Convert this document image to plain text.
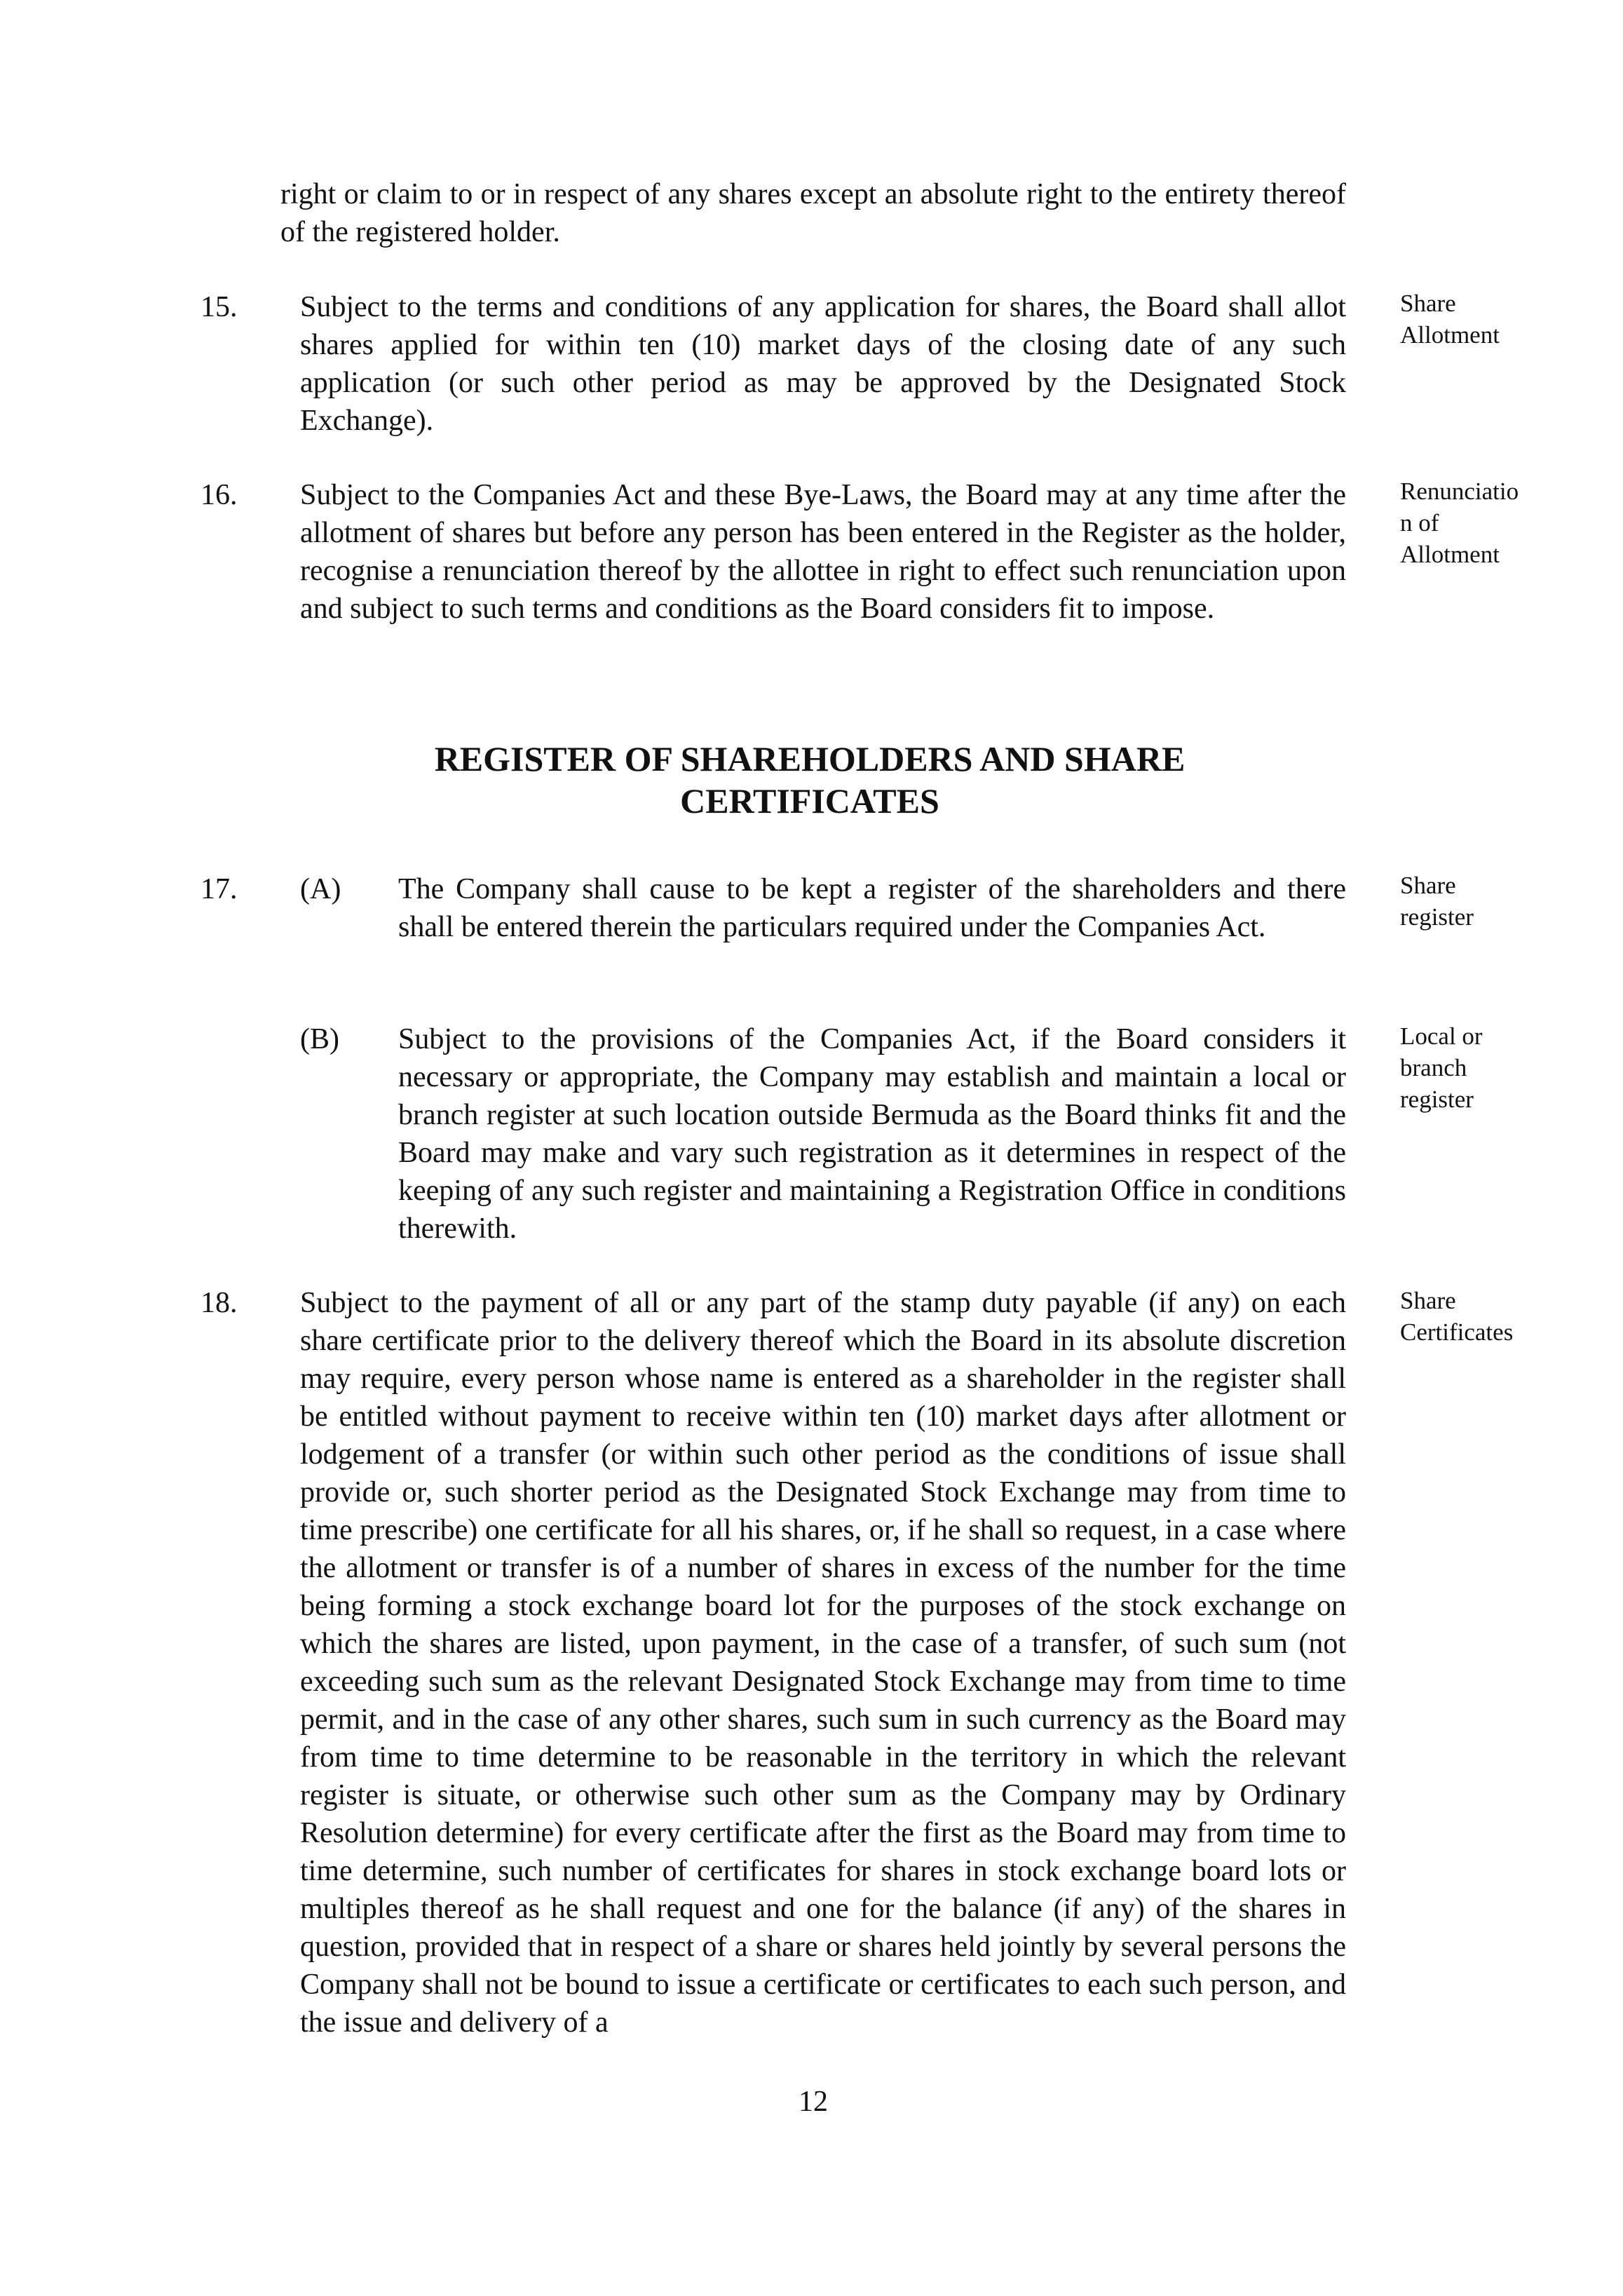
right or claim to or in respect of any shares except an absolute right to the entirety thereof of the registered holder.

15. Subject to the terms and conditions of any application for shares, the Board shall allot shares applied for within ten (10) market days of the closing date of any such application (or such other period as may be approved by the Designated Stock Exchange).

Share
Allotment

16. Subject to the Companies Act and these Bye-Laws, the Board may at any time after the allotment of shares but before any person has been entered in the Register as the holder, recognise a renunciation thereof by the allottee in right to effect such renunciation upon and subject to such terms and conditions as the Board considers fit to impose.

Renunciatio
n of
Allotment

REGISTER OF SHAREHOLDERS AND SHARE

CERTIFICATES

17. (A) The Company shall cause to be kept a register of the shareholders and there shall be entered therein the particulars required under the Companies Act.

Share
register

(B) Subject to the provisions of the Companies Act, if the Board considers it necessary or appropriate, the Company may establish and maintain a local or branch register at such location outside Bermuda as the Board thinks fit and the Board may make and vary such registration as it determines in respect of the keeping of any such register and maintaining a Registration Office in conditions therewith.

Local or
branch
register

18. Subject to the payment of all or any part of the stamp duty payable (if any) on each share certificate prior to the delivery thereof which the Board in its absolute discretion may require, every person whose name is entered as a shareholder in the register shall be entitled without payment to receive within ten (10) market days after allotment or lodgement of a transfer (or within such other period as the conditions of issue shall provide or, such shorter period as the Designated Stock Exchange may from time to time prescribe) one certificate for all his shares, or, if he shall so request, in a case where the allotment or transfer is of a number of shares in excess of the number for the time being forming a stock exchange board lot for the purposes of the stock exchange on which the shares are listed, upon payment, in the case of a transfer, of such sum (not exceeding such sum as the relevant Designated Stock Exchange may from time to time permit, and in the case of any other shares, such sum in such currency as the Board may from time to time determine to be reasonable in the territory in which the relevant register is situate, or otherwise such other sum as the Company may by Ordinary Resolution determine) for every certificate after the first as the Board may from time to time determine, such number of certificates for shares in stock exchange board lots or multiples thereof as he shall request and one for the balance (if any) of the shares in question, provided that in respect of a share or shares held jointly by several persons the Company shall not be bound to issue a certificate or certificates to each such person, and the issue and delivery of a

Share
Certificates

12
